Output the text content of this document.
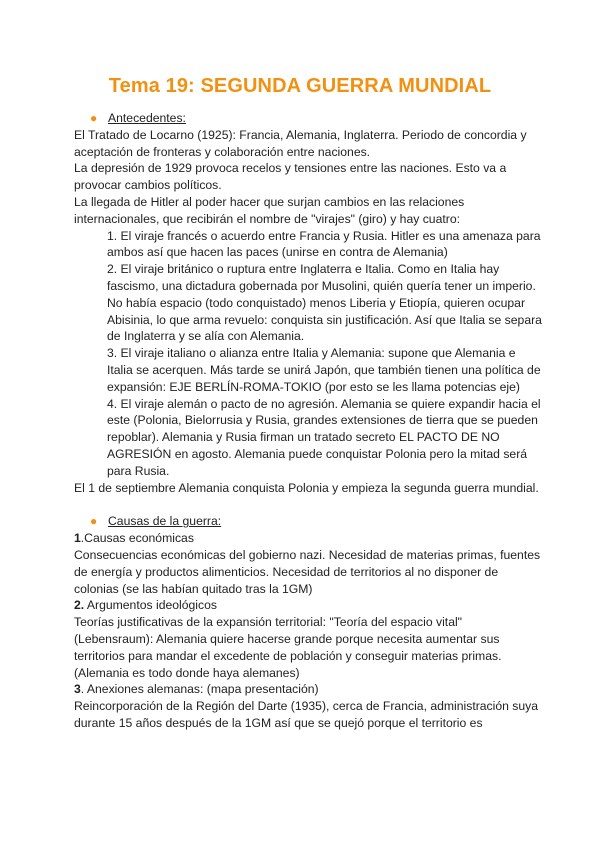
Tema 19: SEGUNDA GUERRA MUNDIAL
● Antecedentes:
El Tratado de Locarno (1925): Francia, Alemania, Inglaterra. Periodo de concordia y aceptación de fronteras y colaboración entre naciones.
La depresión de 1929 provoca recelos y tensiones entre las naciones. Esto va a provocar cambios políticos.
La llegada de Hitler al poder hacer que surjan cambios en las relaciones internacionales, que recibirán el nombre de "virajes" (giro) y hay cuatro:
1. El viraje francés o acuerdo entre Francia y Rusia. Hitler es una amenaza para ambos así que hacen las paces (unirse en contra de Alemania)
2. El viraje británico o ruptura entre Inglaterra e Italia. Como en Italia hay fascismo, una dictadura gobernada por Musolini, quién quería tener un imperio. No había espacio (todo conquistado) menos Liberia y Etiopía, quieren ocupar Abisinia, lo que arma revuelo: conquista sin justificación. Así que Italia se separa de Inglaterra y se alía con Alemania.
3. El viraje italiano o alianza entre Italia y Alemania: supone que Alemania e Italia se acerquen. Más tarde se unirá Japón, que también tienen una política de expansión: EJE BERLÍN-ROMA-TOKIO (por esto se les llama potencias eje)
4. El viraje alemán o pacto de no agresión. Alemania se quiere expandir hacia el este (Polonia, Bielorrusia y Rusia, grandes extensiones de tierra que se pueden repoblar). Alemania y Rusia firman un tratado secreto EL PACTO DE NO AGRESIÓN en agosto. Alemania puede conquistar Polonia pero la mitad será para Rusia.
El 1 de septiembre Alemania conquista Polonia y empieza la segunda guerra mundial.
● Causas de la guerra:
1.Causas económicas
Consecuencias económicas del gobierno nazi. Necesidad de materias primas, fuentes de energía y productos alimenticios. Necesidad de territorios al no disponer de colonias (se las habían quitado tras la 1GM)
2. Argumentos ideológicos
Teorías justificativas de la expansión territorial: "Teoría del espacio vital" (Lebensraum): Alemania quiere hacerse grande porque necesita aumentar sus territorios para mandar el excedente de población y conseguir materias primas. (Alemania es todo donde haya alemanes)
3. Anexiones alemanas: (mapa presentación)
Reincorporación de la Región del Darte (1935), cerca de Francia, administración suya durante 15 años después de la 1GM así que se quejó porque el territorio es
